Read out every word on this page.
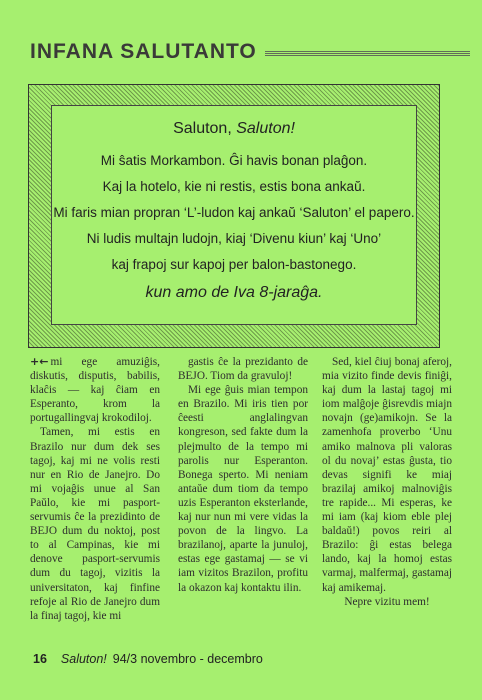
INFANA SALUTANTO
Saluton, Saluton!
Mi ŝatis Morkambon. Ĝi havis bonan plaĝon.
Kaj la hotelo, kie ni restis, estis bona ankaŭ.
Mi faris mian propran ‘L’-ludon kaj ankaŭ ‘Saluton’ el papero.
Ni ludis multajn ludojn, kiaj ‘Divenu kiun’ kaj ‘Uno’
kaj frapoj sur kapoj per balon-bastonego.
kun amo de Iva 8-jaraĝa.

+← mi ege amuziĝis, diskutis, disputis, babilis, klaĉis — kaj ĉiam en Esperanto, krom la portugallingvaj krokodiloj.

Tamen, mi estis en Brazilo nur dum dek ses tagoj, kaj mi ne volis resti nur en Rio de Janejro. Do mi vojaĝis unue al San Paŭlo, kie mi pasport-servumis ĉe la prezidinto de BEJO dum du noktoj, post to al Campinas, kie mi denove pasport-servumis dum du tagoj, vizitis la universitaton, kaj finfine refoje al Rio de Janejro dum la finaj tagoj, kie mi

gastis ĉe la prezidanto de BEJO. Tiom da gravuloj!

Mi ege ĝuis mian tempon en Brazilo. Mi iris tien por ĉeesti anglalingvan kongreson, sed fakte dum la plejmulto de la tempo mi parolis nur Esperanton. Bonega sperto. Mi neniam antaŭe dum tiom da tempo uzis Esperanton eksterlande, kaj nur nun mi vere vidas la povon de la lingvo. La brazilanoj, aparte la junuloj, estas ege gastamaj — se vi iam vizitos Brazilon, profitu la okazon kaj kontaktu ilin.

Sed, kiel ĉiuj bonaj aferoj, mia vizito finde devis finiĝi, kaj dum la lastaj tagoj mi iom malĝoje ĝisrevdis miajn novajn (ge)amikojn. Se la zamenhofa proverbo ‘Unu amiko malnova pli valoras ol du novaj’ estas ĝusta, tio devas signifi ke miaj brazilaj amikoj malnoviĝis tre rapide... Mi esperas, ke mi iam (kaj kiom eble plej baldaŭ!) povos reiri al Brazilo: ĝi estas belega lando, kaj la homoj estas varmaj, malfermaj, gastamaj kaj amikemaj.

Nepre vizitu mem!

16 Saluton! 94/3 novembro - decembro
